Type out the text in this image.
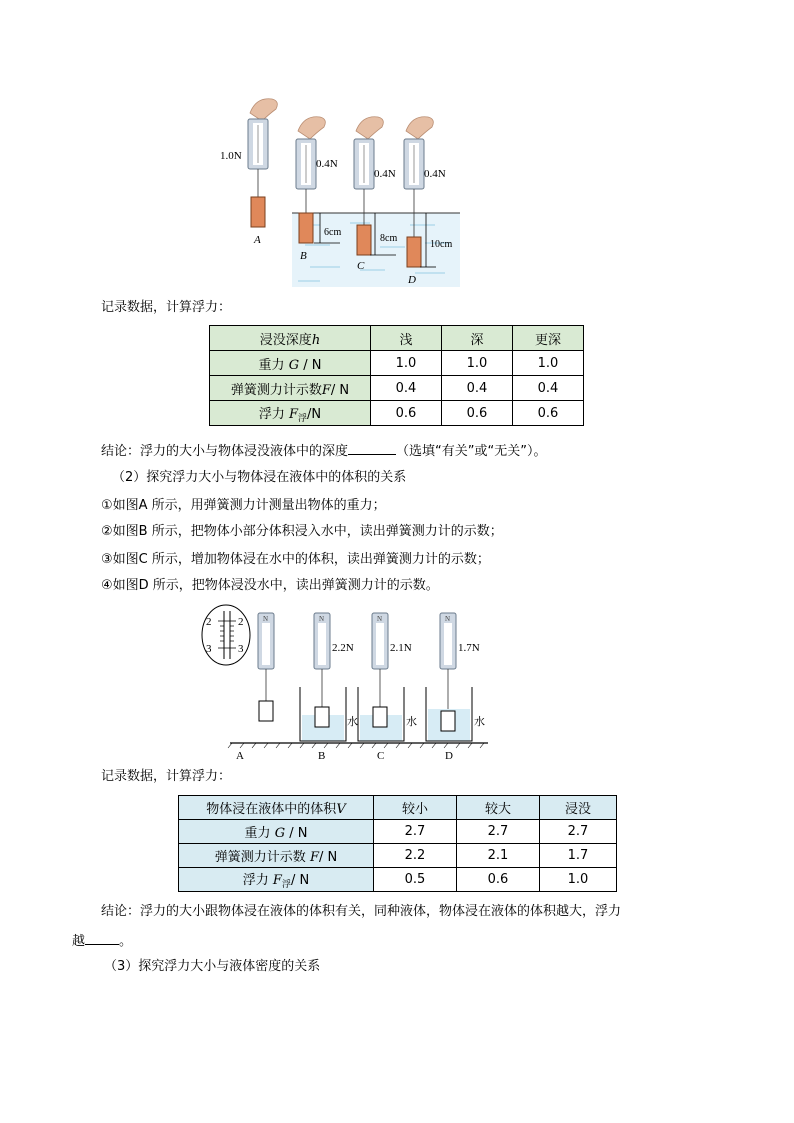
1.0N
0.4N
0.4N	0.4N
6cm
8cm
10cm
A
B
C
D
记录数据，计算浮力：
浸没深度h	浅	深	更深
重力 G / N	1.0	1.0	1.0
弹簧测力计示数F/ N	0.4	0.4	0.4
浮力 $F_浮/N$	0.6	0.6	0.6
结论：浮力的大小与物体浸没液体中的深度	（选填“有关”或“无关”）。
（2）探究浮力大小与物体浸在液体中的体积的关系
①如图A 所示，用弹簧测力计测量出物体的重力；
②如图B 所示，把物体小部分体积浸入水中，读出弹簧测力计的示数；
③如图C 所示，增加物体浸在水中的体积，读出弹簧测力计的示数；
④如图D 所示，把物体浸没水中，读出弹簧测力计的示数。
2 2
3 3
N	N	N	N
2.2N	2.1N	1.7N
水	水	水
A	B	C	D
记录数据，计算浮力：
物体浸在液体中的体积V	较小	较大	浸没
重力 G / N	2.7	2.7	2.7
弹簧测力计示数 F/ N	2.2	2.1	1.7
浮力 $F_浮/$ N	0.5	0.6	1.0
结论：浮力的大小跟物体浸在液体的体积有关，同种液体，物体浸在液体的体积越大，浮力
越	。
（3）探究浮力大小与液体密度的关系
